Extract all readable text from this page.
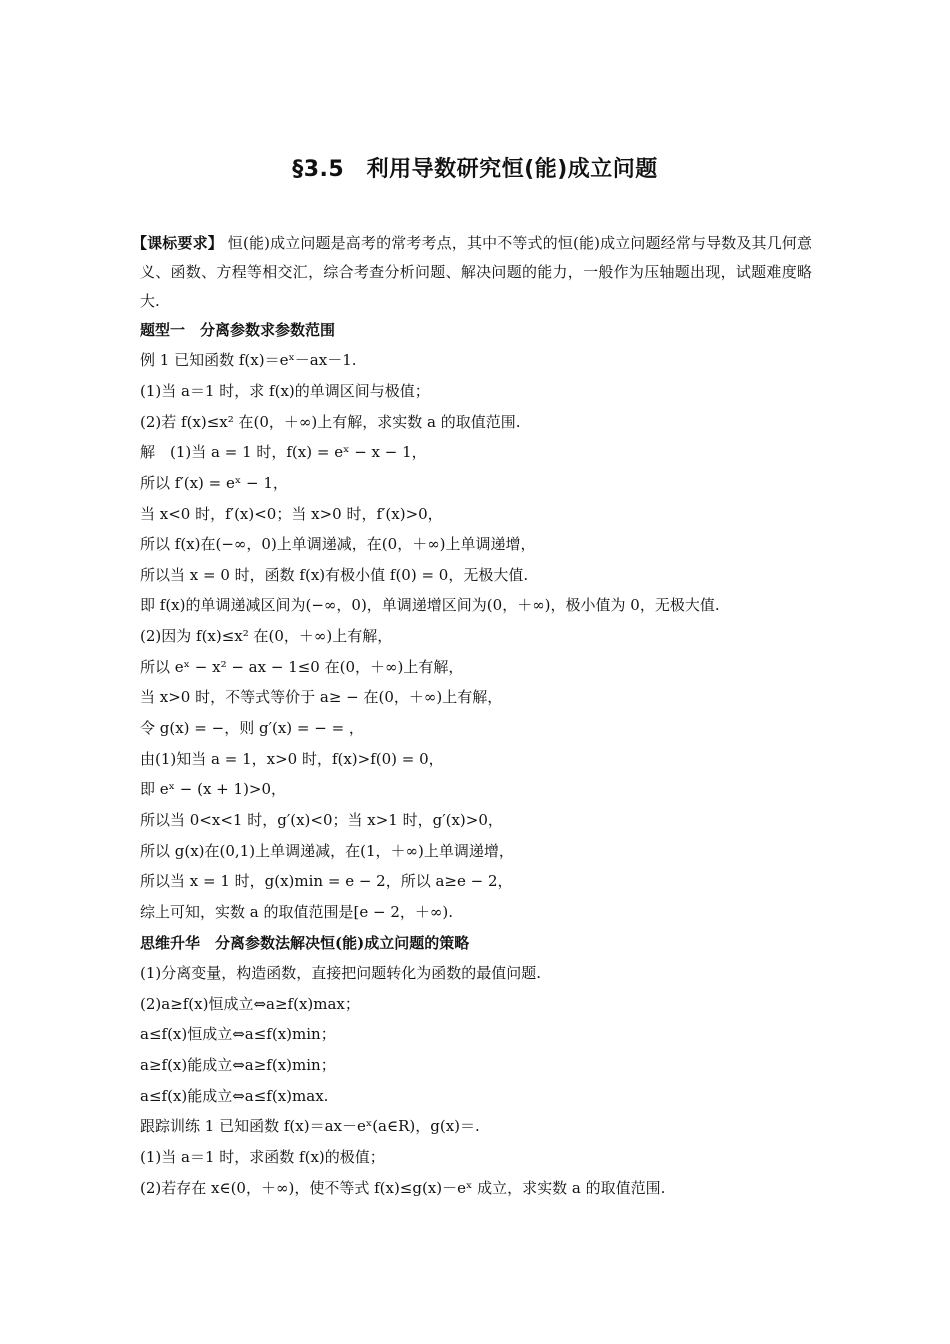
§3.5　利用导数研究恒(能)成立问题

【课标要求】 恒(能)成立问题是高考的常考考点，其中不等式的恒(能)成立问题经常与导数及其几何意义、函数、方程等相交汇，综合考查分析问题、解决问题的能力，一般作为压轴题出现，试题难度略大.

题型一　分离参数求参数范围

例 1 已知函数 f(x)＝eˣ－ax－1.

(1)当 a＝1 时，求 f(x)的单调区间与极值；

(2)若 f(x)≤x² 在(0，＋∞)上有解，求实数 a 的取值范围.

解　(1)当 a = 1 时，f(x) = eˣ − x − 1，

所以 f′(x) = eˣ − 1，

当 x<0 时，f′(x)<0；当 x>0 时，f′(x)>0，

所以 f(x)在(−∞，0)上单调递减，在(0，＋∞)上单调递增，

所以当 x = 0 时，函数 f(x)有极小值 f(0) = 0，无极大值.

即 f(x)的单调递减区间为(−∞，0)，单调递增区间为(0，＋∞)，极小值为 0，无极大值.

(2)因为 f(x)≤x² 在(0，＋∞)上有解，

所以 eˣ − x² − ax − 1≤0 在(0，＋∞)上有解，

当 x>0 时，不等式等价于 a≥ − 在(0，＋∞)上有解，

令 g(x) = −，则 g′(x) = − = ，

由(1)知当 a = 1，x>0 时，f(x)>f(0) = 0，

即 eˣ − (x + 1)>0，

所以当 0<x<1 时，g′(x)<0；当 x>1 时，g′(x)>0，

所以 g(x)在(0,1)上单调递减，在(1，＋∞)上单调递增，

所以当 x = 1 时，g(x)min = e − 2，所以 a≥e − 2，

综上可知，实数 a 的取值范围是[e − 2，＋∞).

思维升华　分离参数法解决恒(能)成立问题的策略

(1)分离变量，构造函数，直接把问题转化为函数的最值问题.

(2)a≥f(x)恒成立⇔a≥f(x)max；

a≤f(x)恒成立⇔a≤f(x)min；

a≥f(x)能成立⇔a≥f(x)min；

a≤f(x)能成立⇔a≤f(x)max.

跟踪训练 1 已知函数 f(x)＝ax－eˣ(a∈R)，g(x)＝.

(1)当 a＝1 时，求函数 f(x)的极值；

(2)若存在 x∈(0，＋∞)，使不等式 f(x)≤g(x)－eˣ 成立，求实数 a 的取值范围.
